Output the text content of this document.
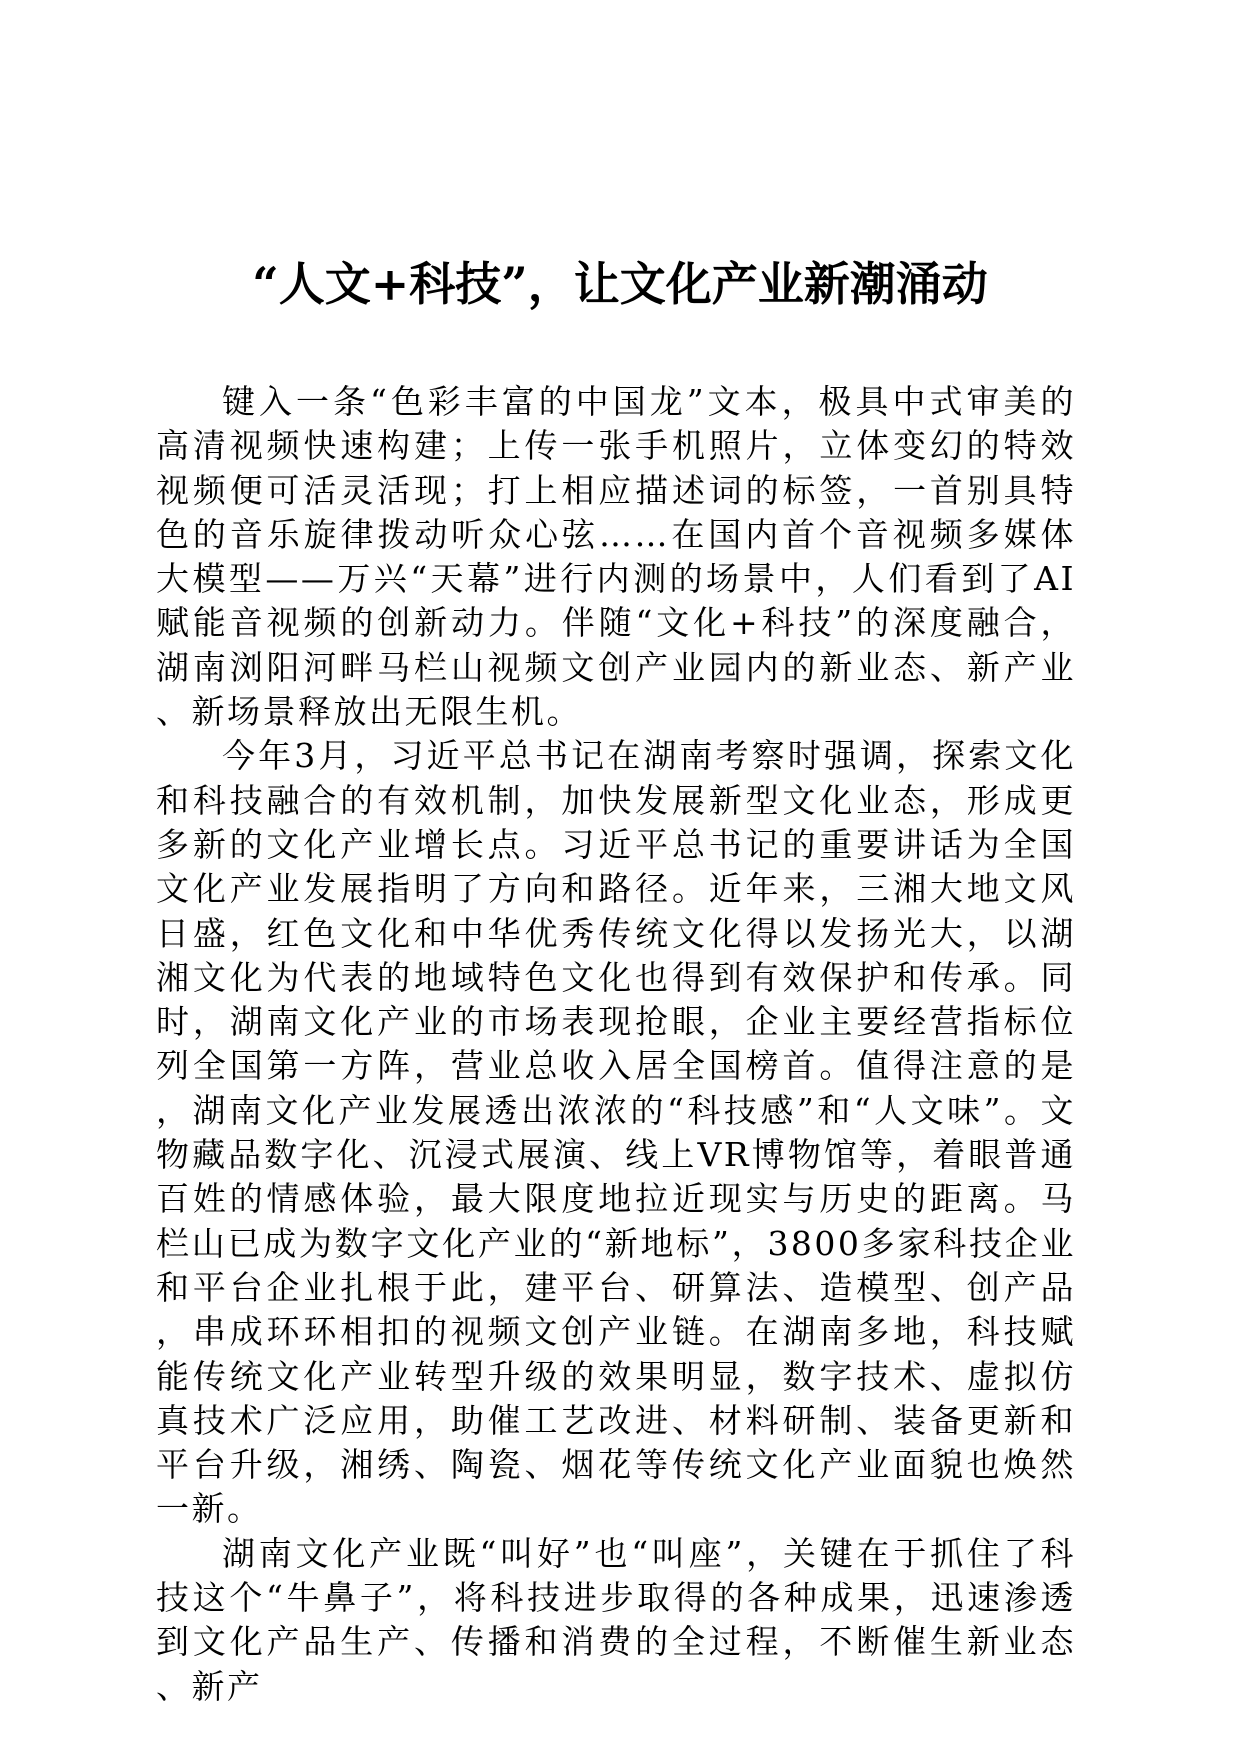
“人文+科技”，让文化产业新潮涌动

键入一条“色彩丰富的中国龙”文本，极具中式审美的高清视频快速构建；上传一张手机照片，立体变幻的特效视频便可活灵活现；打上相应描述词的标签，一首别具特色的音乐旋律拨动听众心弦……在国内首个音视频多媒体大模型——万兴“天幕”进行内测的场景中，人们看到了AI赋能音视频的创新动力。伴随“文化+科技”的深度融合，湖南浏阳河畔马栏山视频文创产业园内的新业态、新产业、新场景释放出无限生机。

今年3月，习近平总书记在湖南考察时强调，探索文化和科技融合的有效机制，加快发展新型文化业态，形成更多新的文化产业增长点。习近平总书记的重要讲话为全国文化产业发展指明了方向和路径。近年来，三湘大地文风日盛，红色文化和中华优秀传统文化得以发扬光大，以湖湘文化为代表的地域特色文化也得到有效保护和传承。同时，湖南文化产业的市场表现抢眼，企业主要经营指标位列全国第一方阵，营业总收入居全国榜首。值得注意的是，湖南文化产业发展透出浓浓的“科技感”和“人文味”。文物藏品数字化、沉浸式展演、线上VR博物馆等，着眼普通百姓的情感体验，最大限度地拉近现实与历史的距离。马栏山已成为数字文化产业的“新地标”，3800多家科技企业和平台企业扎根于此，建平台、研算法、造模型、创产品，串成环环相扣的视频文创产业链。在湖南多地，科技赋能传统文化产业转型升级的效果明显，数字技术、虚拟仿真技术广泛应用，助催工艺改进、材料研制、装备更新和平台升级，湘绣、陶瓷、烟花等传统文化产业面貌也焕然一新。

湖南文化产业既“叫好”也“叫座”，关键在于抓住了科技这个“牛鼻子”，将科技进步取得的各种成果，迅速渗透到文化产品生产、传播和消费的全过程，不断催生新业态、新产
